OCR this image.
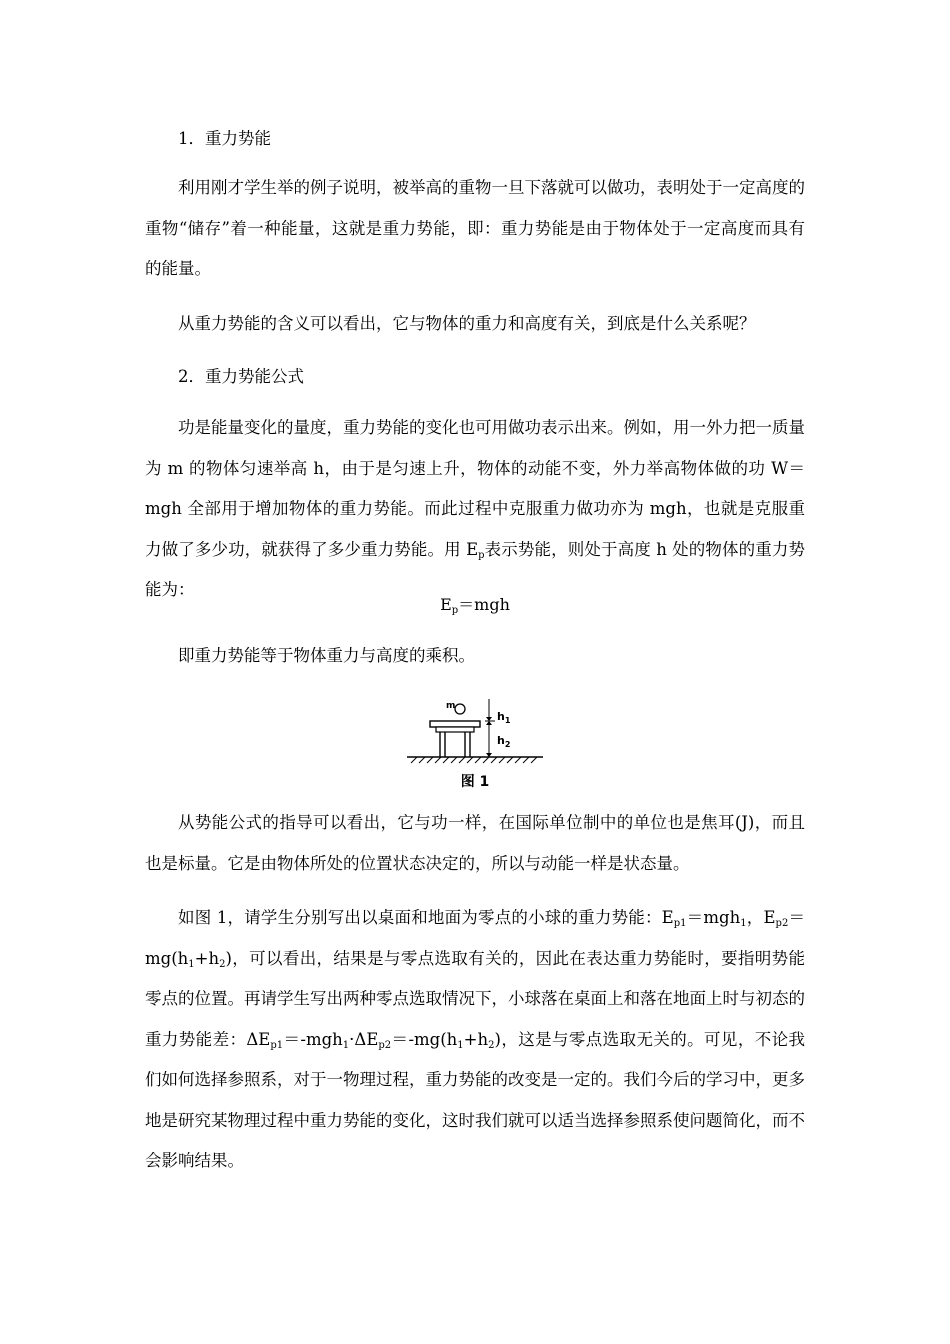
1．重力势能

利用刚才学生举的例子说明，被举高的重物一旦下落就可以做功，表明处于一定高度的重物“储存”着一种能量，这就是重力势能，即：重力势能是由于物体处于一定高度而具有的能量。

从重力势能的含义可以看出，它与物体的重力和高度有关，到底是什么关系呢？

2．重力势能公式

功是能量变化的量度，重力势能的变化也可用做功表示出来。例如，用一外力把一质量为 m 的物体匀速举高 h，由于是匀速上升，物体的动能不变，外力举高物体做的功 W＝mgh 全部用于增加物体的重力势能。而此过程中克服重力做功亦为 mgh，也就是克服重力做了多少功，就获得了多少重力势能。用 $E_p$表示势能，则处于高度 h 处的物体的重力势能为：

$E_p=mgh$

即重力势能等于物体重力与高度的乘积。

m
$h_1$
$h_2$
图 1

从势能公式的指导可以看出，它与功一样，在国际单位制中的单位也是焦耳(J)，而且也是标量。它是由物体所处的位置状态决定的，所以与动能一样是状态量。

如图 1，请学生分别写出以桌面和地面为零点的小球的重力势能：$E_{p1}=mgh_1$，$E_{p2}=mg(h_1+h_2)$，可以看出，结果是与零点选取有关的，因此在表达重力势能时，要指明势能零点的位置。再请学生写出两种零点选取情况下，小球落在桌面上和落在地面上时与初态的重力势能差：$\Delta E_{p1}=-mgh_1\cdot\Delta E_{p2}=-mg(h_1+h_2)$，这是与零点选取无关的。可见，不论我们如何选择参照系，对于一物理过程，重力势能的改变是一定的。我们今后的学习中，更多地是研究某物理过程中重力势能的变化，这时我们就可以适当选择参照系使问题简化，而不会影响结果。
